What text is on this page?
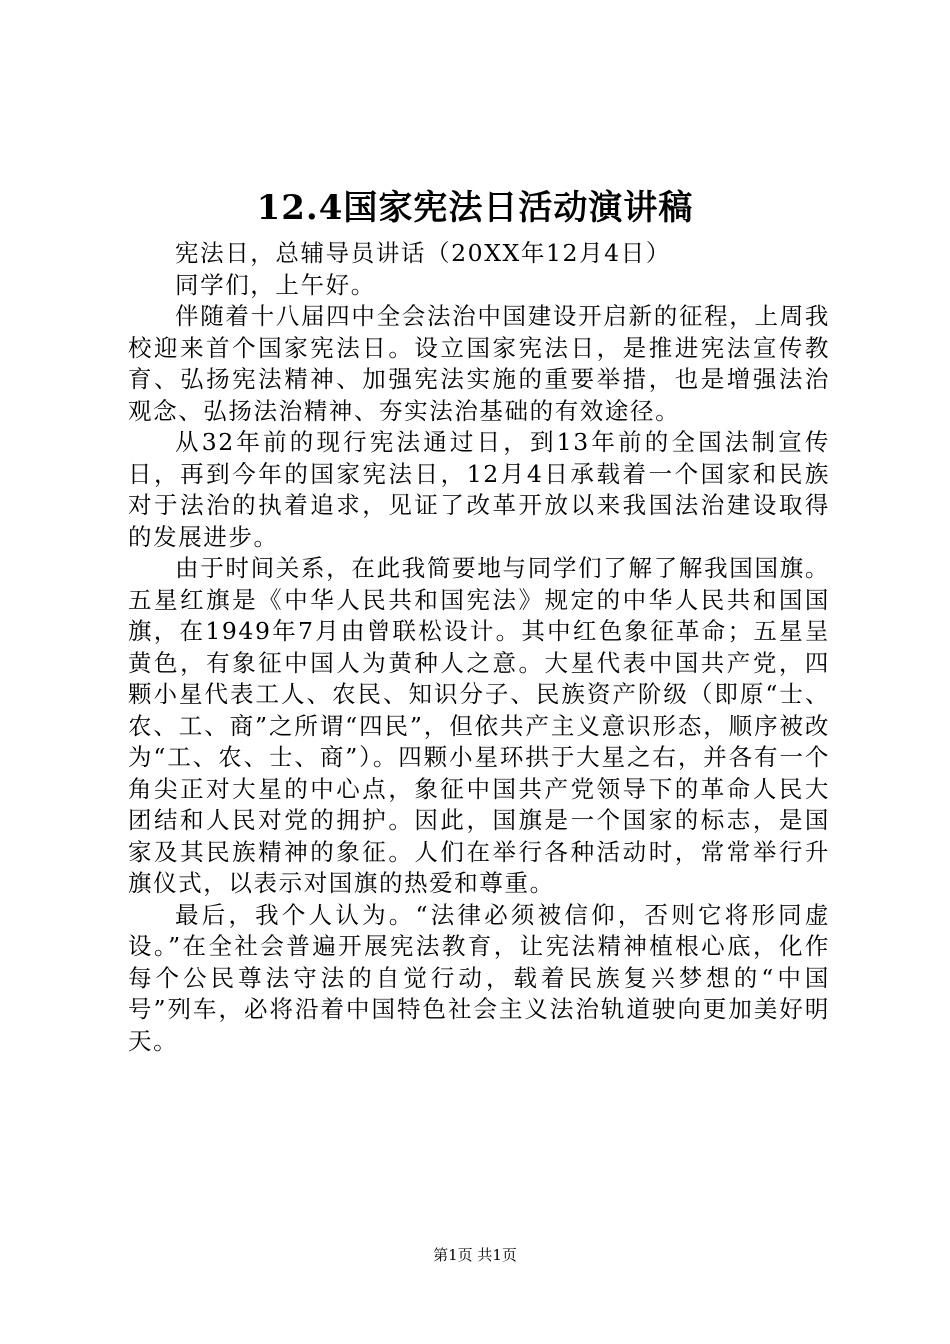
12.4国家宪法日活动演讲稿

宪法日，总辅导员讲话（20XX年12月4日）

同学们，上午好。

伴随着十八届四中全会法治中国建设开启新的征程，上周我校迎来首个国家宪法日。设立国家宪法日，是推进宪法宣传教育、弘扬宪法精神、加强宪法实施的重要举措，也是增强法治观念、弘扬法治精神、夯实法治基础的有效途径。

从32年前的现行宪法通过日，到13年前的全国法制宣传日，再到今年的国家宪法日，12月4日承载着一个国家和民族对于法治的执着追求，见证了改革开放以来我国法治建设取得的发展进步。

由于时间关系，在此我简要地与同学们了解了解我国国旗。五星红旗是《中华人民共和国宪法》规定的中华人民共和国国旗，在1949年7月由曾联松设计。其中红色象征革命；五星呈黄色，有象征中国人为黄种人之意。大星代表中国共产党，四颗小星代表工人、农民、知识分子、民族资产阶级（即原“士、农、工、商”之所谓“四民”，但依共产主义意识形态，顺序被改为“工、农、士、商”）。四颗小星环拱于大星之右，并各有一个角尖正对大星的中心点，象征中国共产党领导下的革命人民大团结和人民对党的拥护。因此，国旗是一个国家的标志，是国家及其民族精神的象征。人们在举行各种活动时，常常举行升旗仪式，以表示对国旗的热爱和尊重。

最后，我个人认为。“法律必须被信仰，否则它将形同虚设。”在全社会普遍开展宪法教育，让宪法精神植根心底，化作每个公民尊法守法的自觉行动，载着民族复兴梦想的“中国号”列车，必将沿着中国特色社会主义法治轨道驶向更加美好明天。

第1页 共1页
